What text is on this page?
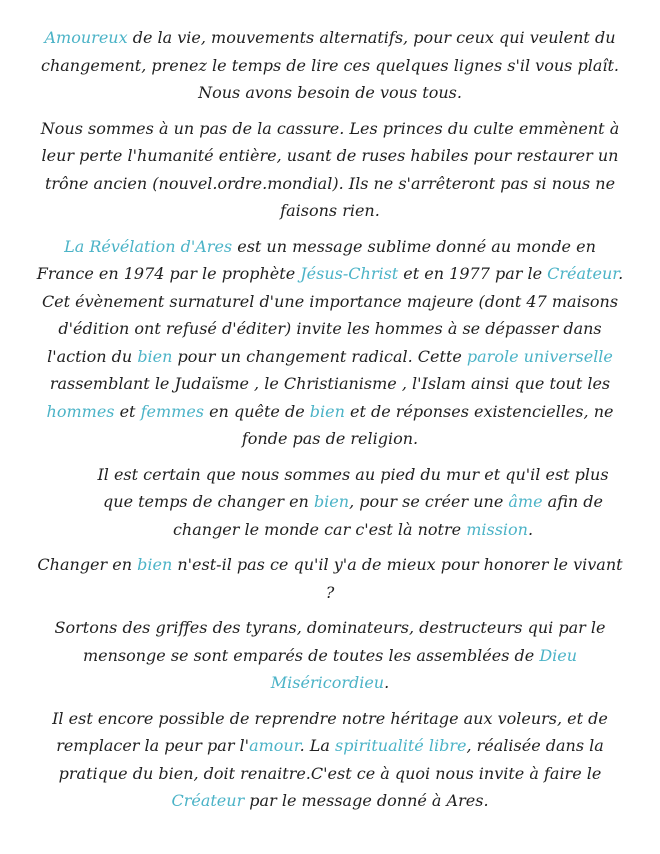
Amoureux de la vie, mouvements alternatifs, pour ceux qui veulent du changement, prenez le temps de lire ces quelques lignes s'il vous plaît. Nous avons besoin de vous tous.

Nous sommes à un pas de la cassure. Les princes du culte emmènent à leur perte l'humanité entière, usant de ruses habiles pour restaurer un trône ancien (nouvel.ordre.mondial). Ils ne s'arrêteront pas si nous ne faisons rien.

La Révélation d'Ares est un message sublime donné au monde en France en 1974 par le prophète Jésus-Christ et en 1977 par le Créateur. Cet évènement surnaturel d'une importance majeure (dont 47 maisons d'édition ont refusé d'éditer) invite les hommes à se dépasser dans l'action du bien pour un changement radical. Cette parole universelle rassemblant le Judaïsme , le Christianisme , l'Islam ainsi que tout les hommes et femmes en quête de bien et de réponses existencielles, ne fonde pas de religion.

Il est certain que nous sommes au pied du mur et qu'il est plus que temps de changer en bien, pour se créer une âme afin de changer le monde car c'est là notre mission.

Changer en bien n'est-il pas ce qu'il y'a de mieux pour honorer le vivant ?

Sortons des griffes des tyrans, dominateurs, destructeurs qui par le mensonge se sont emparés de toutes les assemblées de Dieu Miséricordieu.

Il est encore possible de reprendre notre héritage aux voleurs, et de remplacer la peur par l'amour. La spiritualité libre, réalisée dans la pratique du bien, doit renaitre.C'est ce à quoi nous invite à faire le Créateur par le message donné à Ares.
